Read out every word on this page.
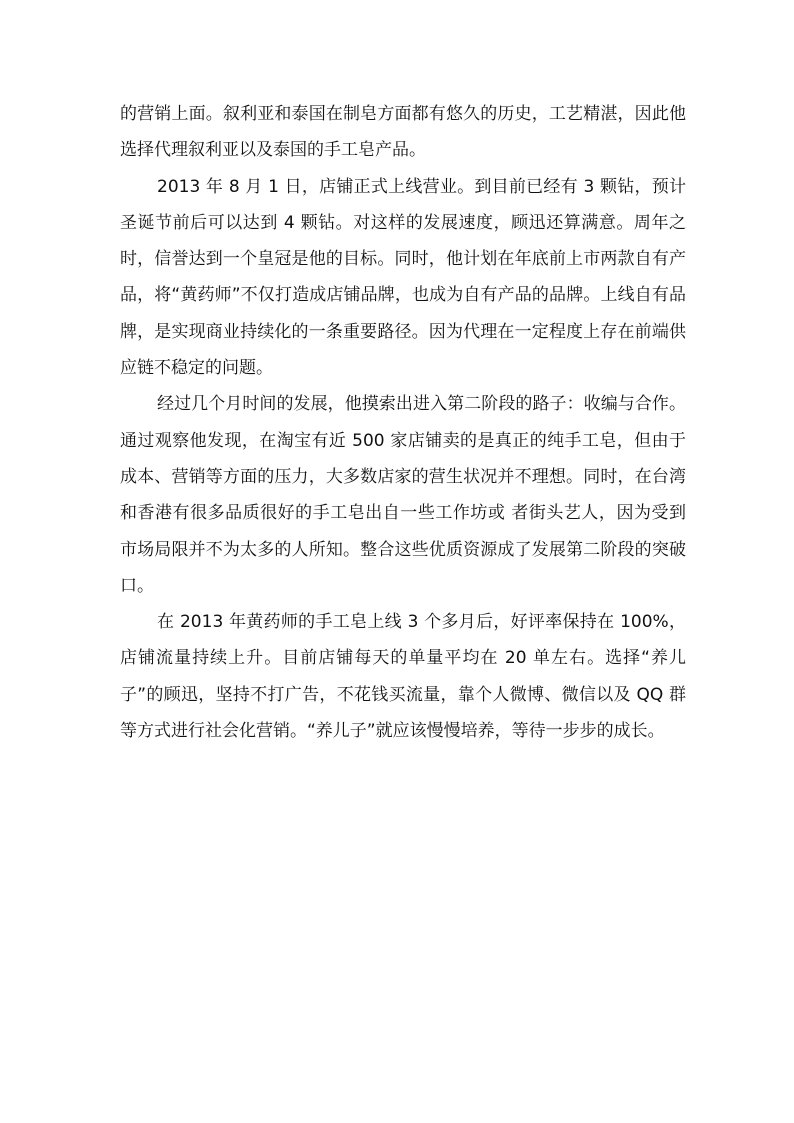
的营销上面。叙利亚和泰国在制皂方面都有悠久的历史，工艺精湛，因此他选择代理叙利亚以及泰国的手工皂产品。

2013 年 8 月 1 日，店铺正式上线营业。到目前已经有 3 颗钻，预计圣诞节前后可以达到 4 颗钻。对这样的发展速度，顾迅还算满意。周年之时，信誉达到一个皇冠是他的目标。同时，他计划在年底前上市两款自有产品，将“黄药师”不仅打造成店铺品牌，也成为自有产品的品牌。上线自有品牌，是实现商业持续化的一条重要路径。因为代理在一定程度上存在前端供应链不稳定的问题。

经过几个月时间的发展，他摸索出进入第二阶段的路子：收编与合作。通过观察他发现，在淘宝有近 500 家店铺卖的是真正的纯手工皂，但由于成本、营销等方面的压力，大多数店家的营生状况并不理想。同时，在台湾和香港有很多品质很好的手工皂出自一些工作坊或 者街头艺人，因为受到市场局限并不为太多的人所知。整合这些优质资源成了发展第二阶段的突破口。

在 2013 年黄药师的手工皂上线 3 个多月后，好评率保持在 100%，店铺流量持续上升。目前店铺每天的单量平均在 20 单左右。选择“养儿子”的顾迅，坚持不打广告，不花钱买流量，靠个人微博、微信以及 QQ 群等方式进行社会化营销。“养儿子”就应该慢慢培养，等待一步步的成长。
